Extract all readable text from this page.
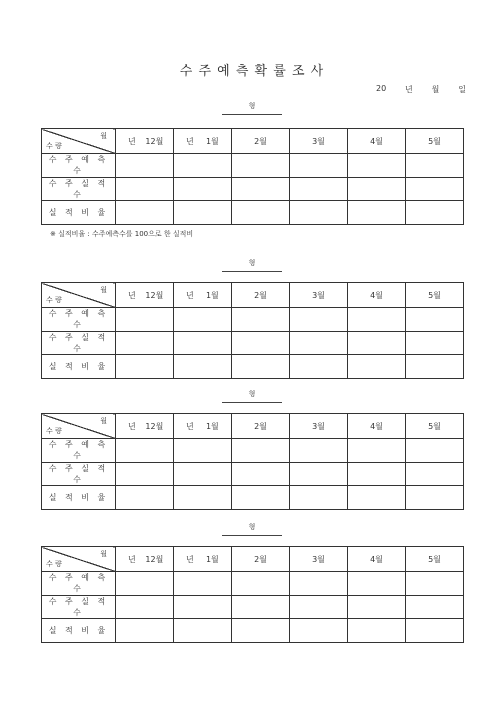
수 주 예 측 확 률 조 사
20 년 월 일
형
월
수 량	년 12월	년 1월	2월	3월	4월	5월
수 주 예 측 수						
수 주 실 적 수						
실 적 비 율						
※ 실적비율 : 수주예측수를 100으로 한 실적비
형
월
수 량	년 12월	년 1월	2월	3월	4월	5월
수 주 예 측 수						
수 주 실 적 수						
실 적 비 율						
형
월
수 량	년 12월	년 1월	2월	3월	4월	5월
수 주 예 측 수						
수 주 실 적 수						
실 적 비 율						
형
월
수 량	년 12월	년 1월	2월	3월	4월	5월
수 주 예 측 수						
수 주 실 적 수						
실 적 비 율						
